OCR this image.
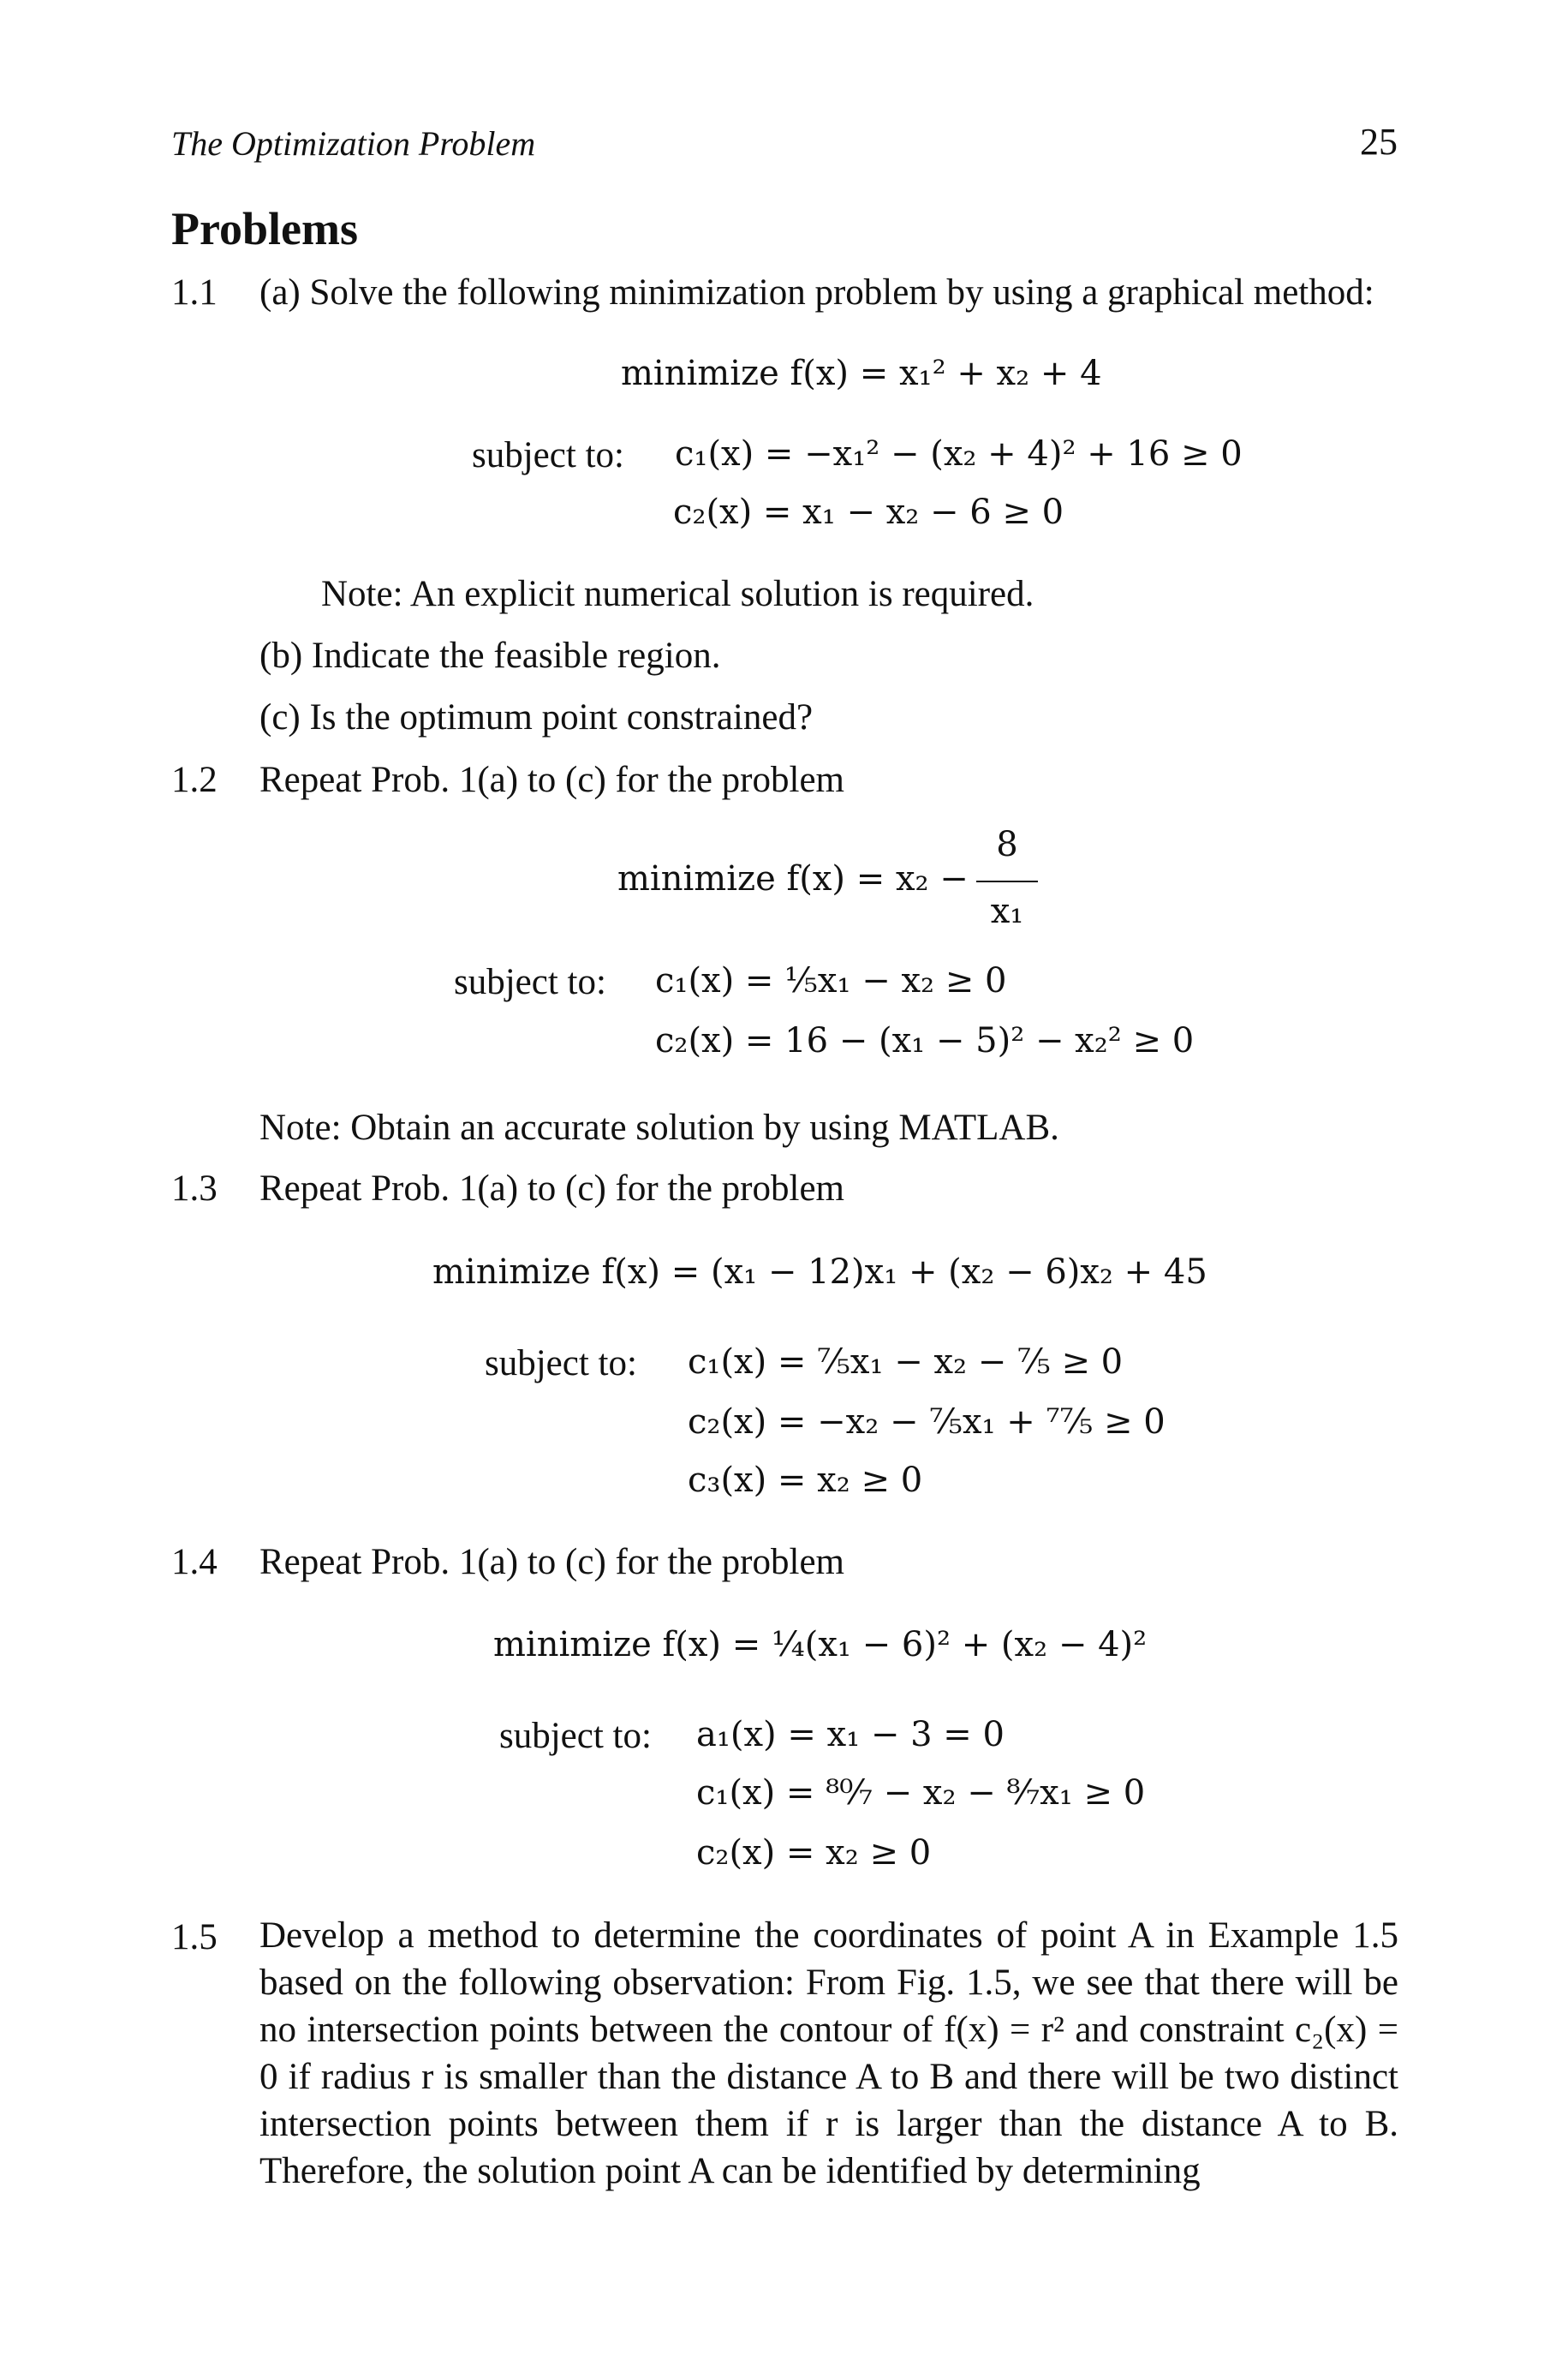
The Optimization Problem	25
Problems
1.1 (a) Solve the following minimization problem by using a graphical method:
minimize f(x) = x₁² + x₂ + 4
subject to: c₁(x) = −x₁² − (x₂ + 4)² + 16 ≥ 0
c₂(x) = x₁ − x₂ − 6 ≥ 0
Note: An explicit numerical solution is required.
(b) Indicate the feasible region.
(c) Is the optimum point constrained?
1.2 Repeat Prob. 1(a) to (c) for the problem
minimize f(x) = x₂ −
8
x₁
subject to: c₁(x) = ⅕x₁ − x₂ ≥ 0
c₂(x) = 16 − (x₁ − 5)² − x₂² ≥ 0
Note: Obtain an accurate solution by using MATLAB.
1.3 Repeat Prob. 1(a) to (c) for the problem
minimize f(x) = (x₁ − 12)x₁ + (x₂ − 6)x₂ + 45
subject to: c₁(x) = ⁷⁄₅x₁ − x₂ − ⁷⁄₅ ≥ 0
c₂(x) = −x₂ − ⁷⁄₅x₁ + ⁷⁷⁄₅ ≥ 0
c₃(x) = x₂ ≥ 0
1.4 Repeat Prob. 1(a) to (c) for the problem
minimize f(x) = ¼(x₁ − 6)² + (x₂ − 4)²
subject to: a₁(x) = x₁ − 3 = 0
c₁(x) = ⁸⁰⁄₇ − x₂ − ⁸⁄₇x₁ ≥ 0
c₂(x) = x₂ ≥ 0
1.5 Develop a method to determine the coordinates of point A in Example 1.5 based on the following observation: From Fig. 1.5, we see that there will be no intersection points between the contour of f(x) = r² and constraint c₂(x) = 0 if radius r is smaller than the distance A to B and there will be two distinct intersection points between them if r is larger than the distance A to B. Therefore, the solution point A can be identified by determining
